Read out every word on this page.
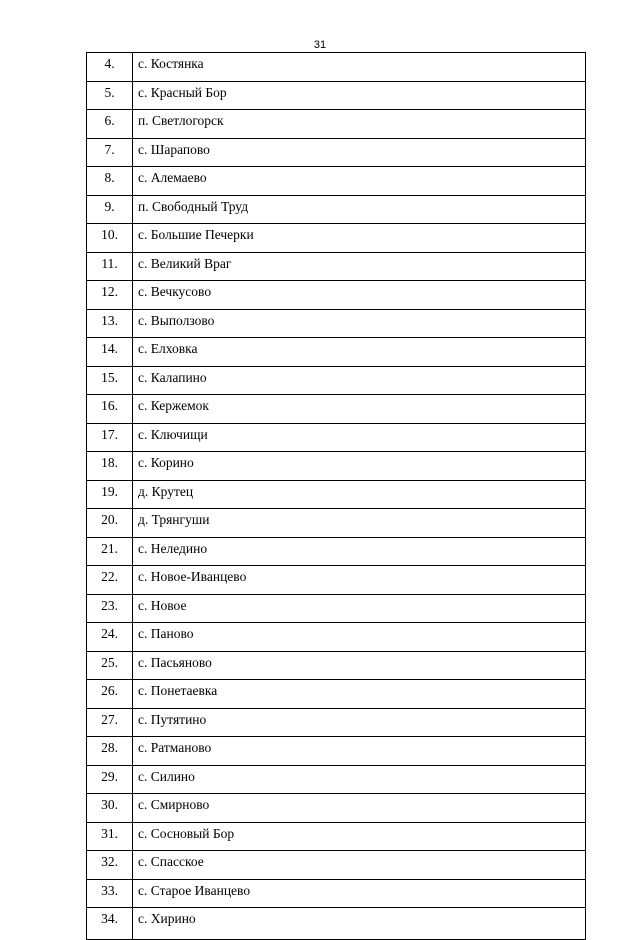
31
4.	с. Костянка
5.	с. Красный Бор
6.	п. Светлогорск
7.	с. Шарапово
8.	с. Алемаево
9.	п. Свободный Труд
10.	с. Большие Печерки
11.	с. Великий Враг
12.	с. Вечкусово
13.	с. Выползово
14.	с. Елховка
15.	с. Калапино
16.	с. Кержемок
17.	с. Ключищи
18.	с. Корино
19.	д. Крутец
20.	д. Трянгуши
21.	с. Неледино
22.	с. Новое-Иванцево
23.	с. Новое
24.	с. Паново
25.	с. Пасьяново
26.	с. Понетаевка
27.	с. Путятино
28.	с. Ратманово
29.	с. Силино
30.	с. Смирново
31.	с. Сосновый Бор
32.	с. Спасское
33.	с. Старое Иванцево
34.	с. Хирино
